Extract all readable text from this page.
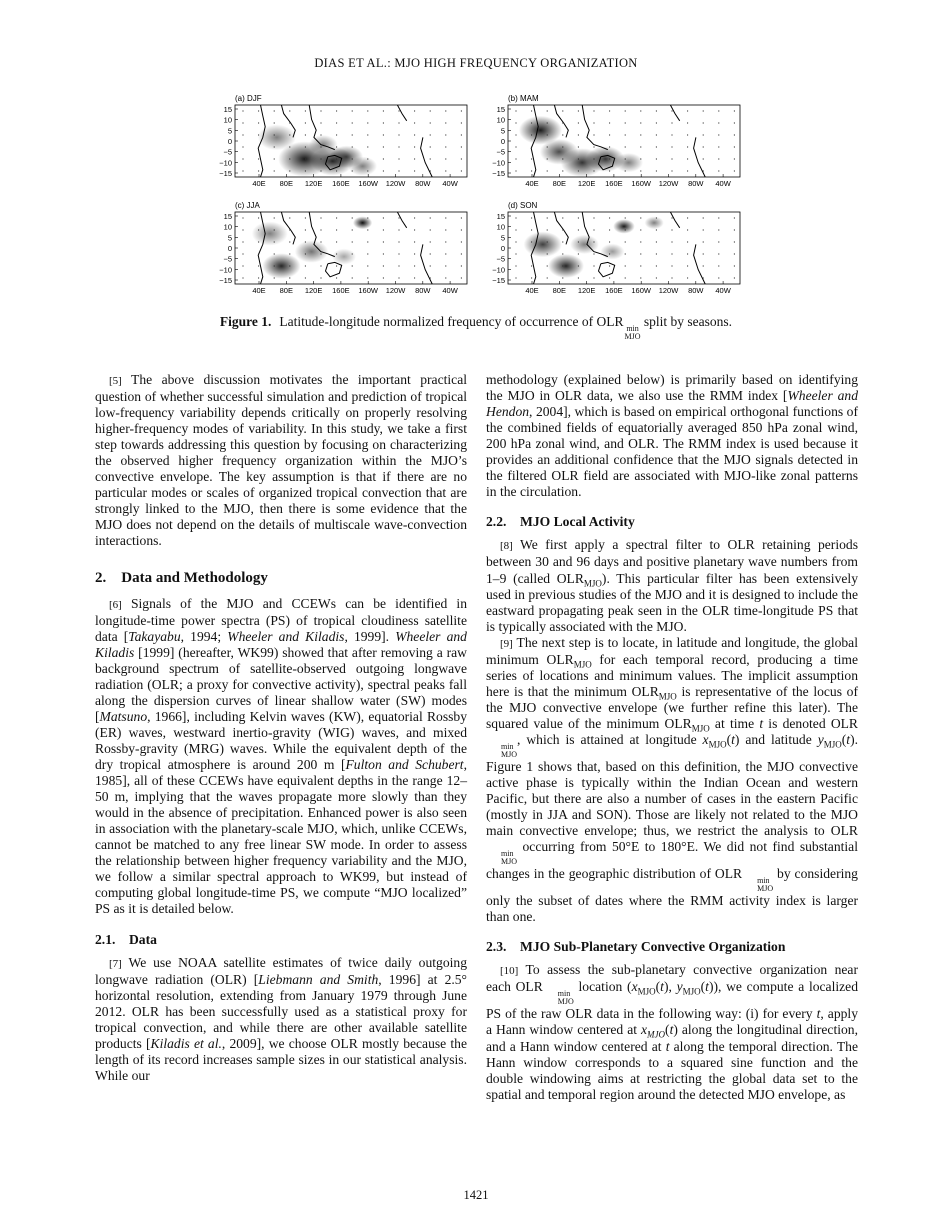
DIAS ET AL.: MJO HIGH FREQUENCY ORGANIZATION
(a) DJF
15
10
5
0
−5
−10
−15
40E 80E 120E 160E 160W 120W 80W 40W
(b) MAM
15
10
5
0
−5
−10
−15
40E 80E 120E 160E 160W 120W 80W 40W
(c) JJA
15
10
5
0
−5
−10
−15
40E 80E 120E 160E 160W 120W 80W 40W
(d) SON
15
10
5
0
−5
−10
−15
40E 80E 120E 160E 160W 120W 80W 40W
Figure 1. Latitude-longitude normalized frequency of occurrence of OLR min
MJO
split by seasons.

[5] The above discussion motivates the important practical question of whether successful simulation and prediction of tropical low-frequency variability depends critically on properly resolving higher-frequency modes of variability. In this study, we take a first step towards addressing this question by focusing on characterizing the observed higher frequency organization within the MJO’s convective envelope. The key assumption is that if there are no particular modes or scales of organized tropical convection that are strongly linked to the MJO, then there is some evidence that the MJO does not depend on the details of multiscale wave-convection interactions.

2. Data and Methodology

[6] Signals of the MJO and CCEWs can be identified in longitude-time power spectra (PS) of tropical cloudiness satellite data [Takayabu, 1994; Wheeler and Kiladis, 1999]. Wheeler and Kiladis [1999] (hereafter, WK99) showed that after removing a raw background spectrum of satellite-observed outgoing longwave radiation (OLR; a proxy for convective activity), spectral peaks fall along the dispersion curves of linear shallow water (SW) modes [Matsuno, 1966], including Kelvin waves (KW), equatorial Rossby (ER) waves, westward inertio-gravity (WIG) waves, and mixed Rossby-gravity (MRG) waves. While the equivalent depth of the dry tropical atmosphere is around 200 m [Fulton and Schubert, 1985], all of these CCEWs have equivalent depths in the range 12–50 m, implying that the waves propagate more slowly than they would in the absence of precipitation. Enhanced power is also seen in association with the planetary-scale MJO, which, unlike CCEWs, cannot be matched to any free linear SW mode. In order to assess the relationship between higher frequency variability and the MJO, we follow a similar spectral approach to WK99, but instead of computing global longitude-time PS, we compute “MJO localized” PS as it is detailed below.

2.1. Data

[7] We use NOAA satellite estimates of twice daily outgoing longwave radiation (OLR) [Liebmann and Smith, 1996] at 2.5° horizontal resolution, extending from January 1979 through June 2012. OLR has been successfully used as a statistical proxy for tropical convection, and while there are other available satellite products [Kiladis et al., 2009], we choose OLR mostly because the length of its record increases sample sizes in our statistical analysis. While our

methodology (explained below) is primarily based on identifying the MJO in OLR data, we also use the RMM index [Wheeler and Hendon, 2004], which is based on empirical orthogonal functions of the combined fields of equatorially averaged 850 hPa zonal wind, 200 hPa zonal wind, and OLR. The RMM index is used because it provides an additional confidence that the MJO signals detected in the filtered OLR field are associated with MJO-like zonal patterns in the circulation.

2.2. MJO Local Activity

[8] We first apply a spectral filter to OLR retaining periods between 30 and 96 days and positive planetary wave numbers from 1–9 (called $OLR_{MJO}$). This particular filter has been extensively used in previous studies of the MJO and it is designed to include the eastward propagating peak seen in the OLR time-longitude PS that is typically associated with the MJO.

[9] The next step is to locate, in latitude and longitude, the global minimum $OLR_{MJO}$ for each temporal record, producing a time series of locations and minimum values. The implicit assumption here is that the minimum $OLR_{MJO}$ is representative of the locus of the MJO convective envelope (we further refine this later). The squared value of the minimum $OLR_{MJO}$ at time t is denoted OLR
min
MJO
, which is attained at longitude $x_{MJO}(t)$ and latitude $y_{MJO}(t)$. Figure 1 shows that, based on this definition, the MJO convective active phase is typically within the Indian Ocean and western Pacific, but there are also a number of cases in the eastern Pacific (mostly in JJA and SON). Those are likely not related to the MJO main convective envelope; thus, we restrict the analysis to OLR
min
MJO
occurring from 50°E to 180°E. We did not find substantial changes in the geographic distribution of OLR	min
MJO
by considering only the subset of dates where the RMM activity index is larger than one.

2.3. MJO Sub-Planetary Convective Organization

[10] To assess the sub-planetary convective organization near each OLR	min
MJO
location ($x_{MJO}(t)$, $y_{MJO}(t)$), we compute a localized PS of the raw OLR data in the following way: (i) for every t, apply a Hann window centered at $x_{MJO}(t)$ along the longitudinal direction, and a Hann window centered at t along the temporal direction. The Hann window corresponds to a squared sine function and the double windowing aims at restricting the global data set to the spatial and temporal region around the detected MJO envelope, as

1421
